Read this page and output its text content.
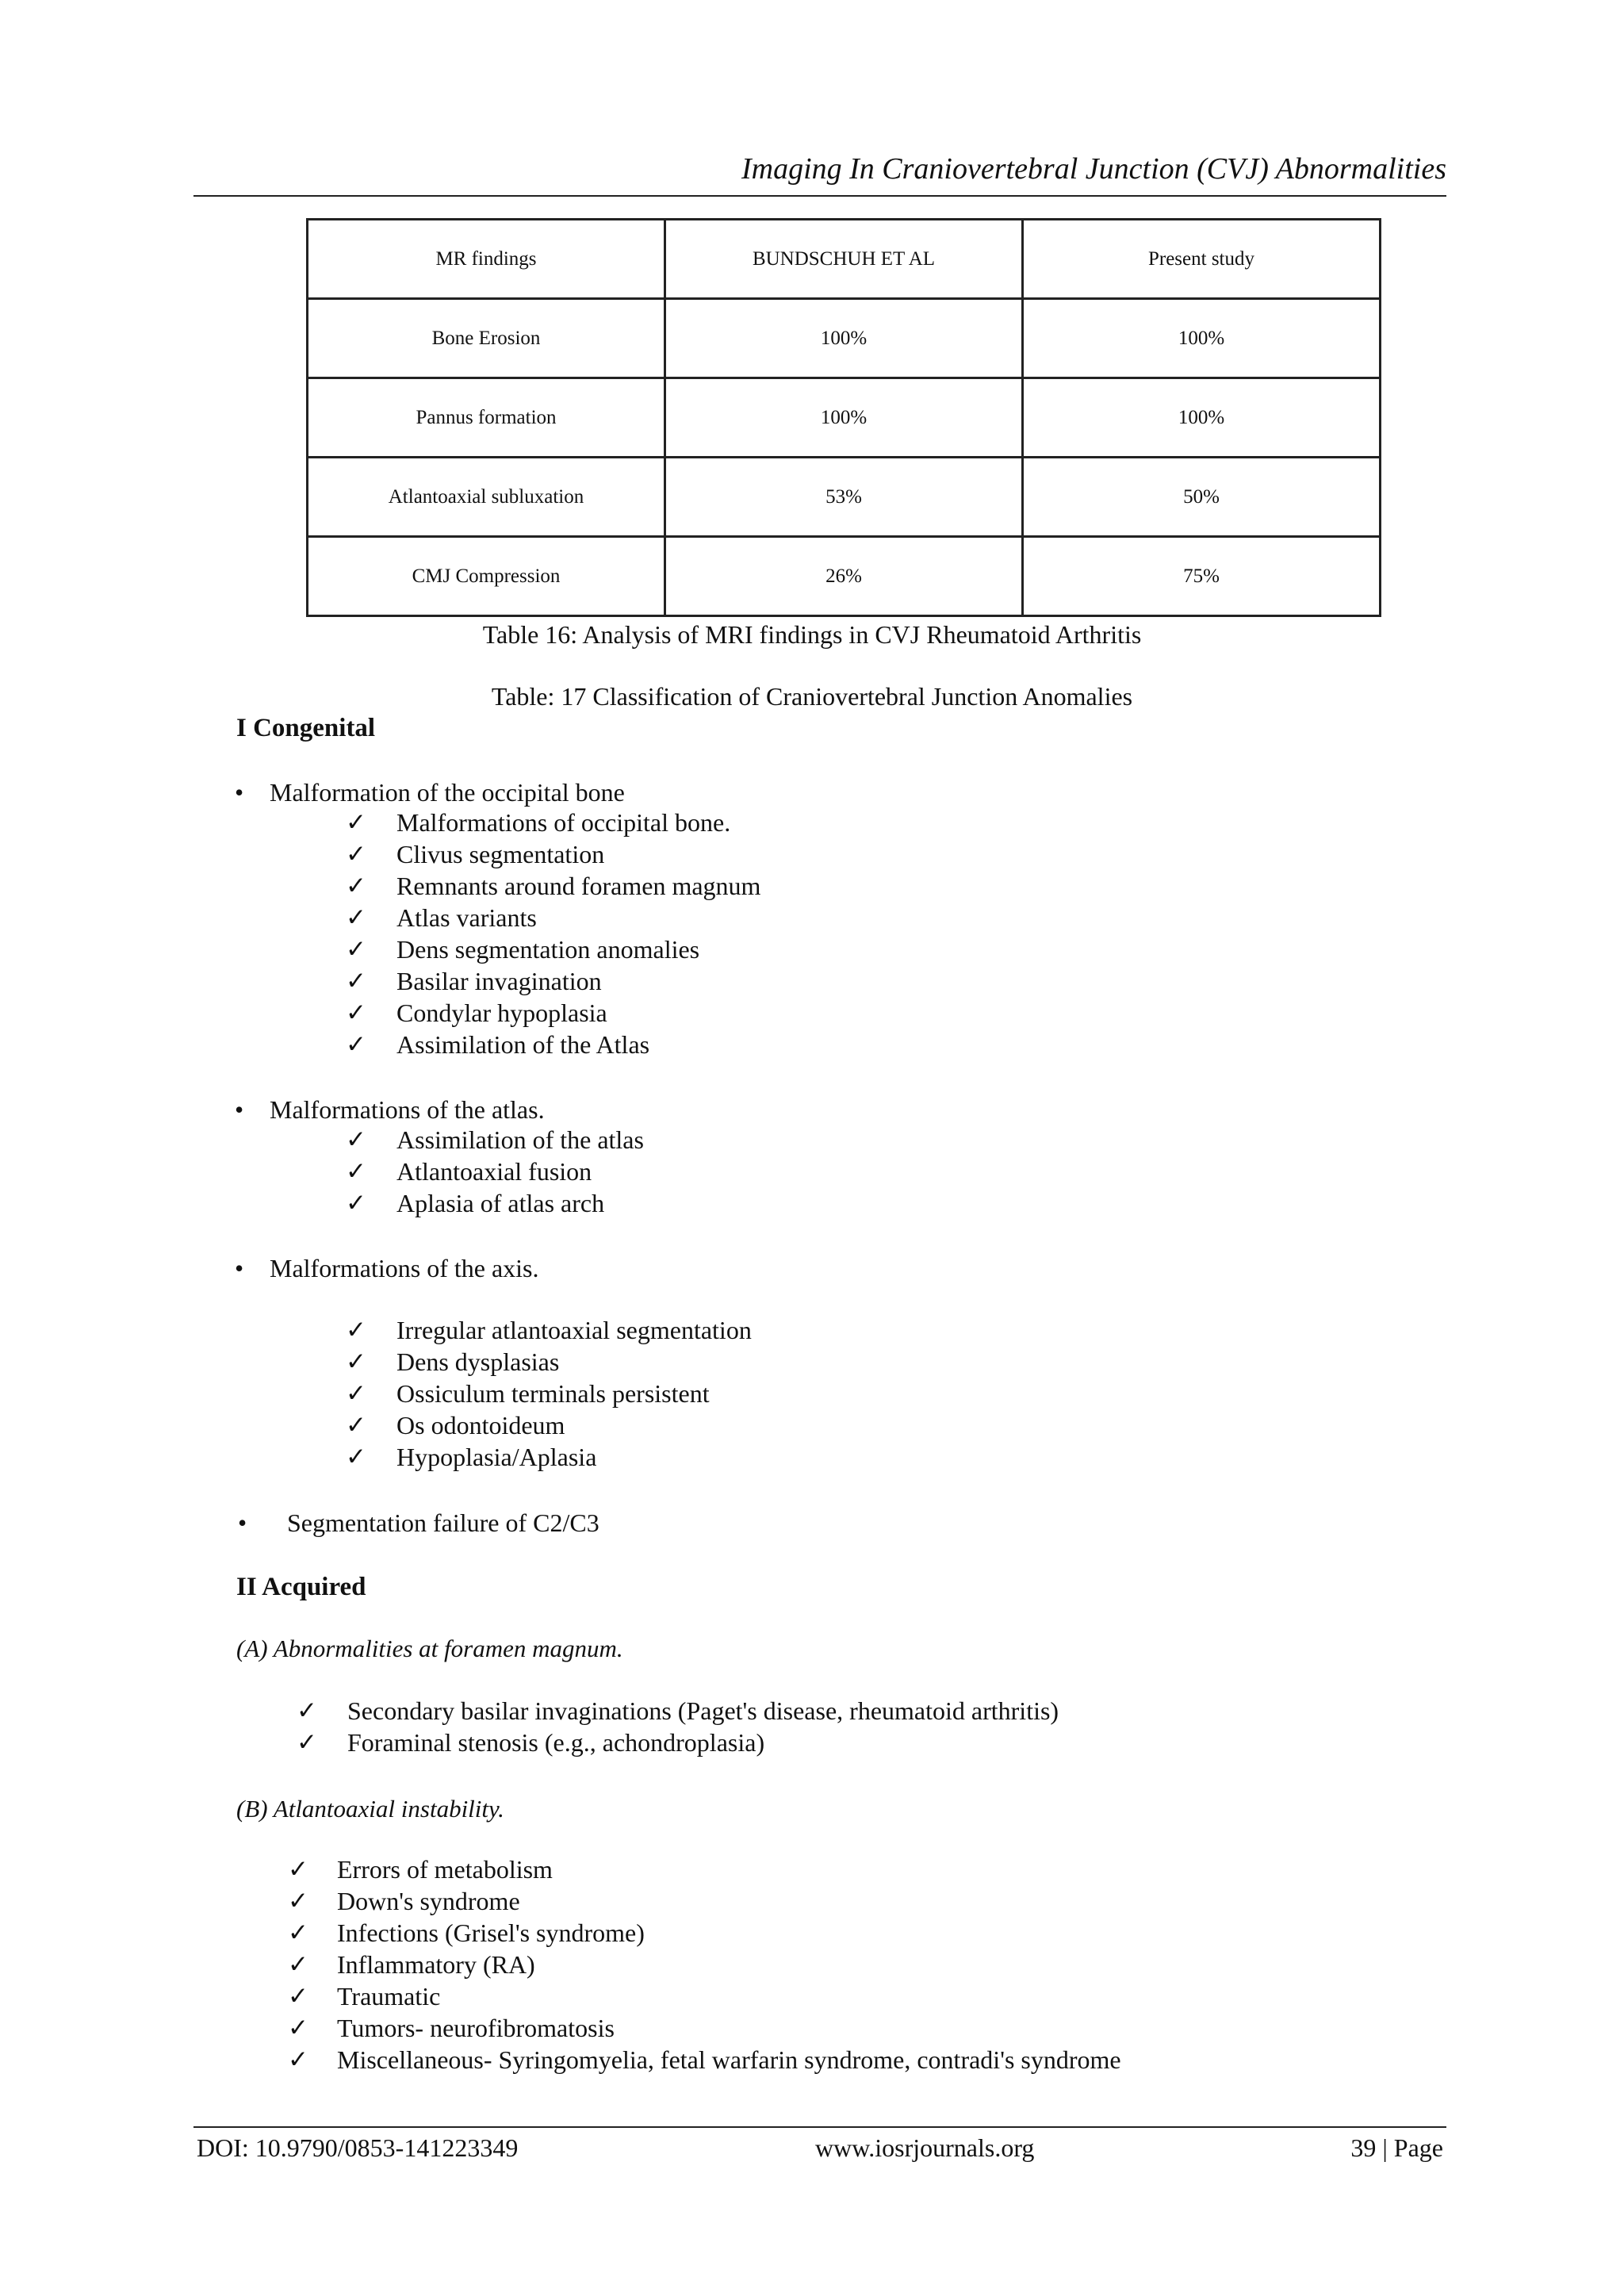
Imaging In Craniovertebral Junction (CVJ) Abnormalities
MR findings	BUNDSCHUH ET AL	Present study
Bone Erosion	100%	100%
Pannus formation	100%	100%
Atlantoaxial subluxation	53%	50%
CMJ Compression	26%	75%
Table 16: Analysis of MRI findings in CVJ Rheumatoid Arthritis
Table: 17 Classification of Craniovertebral Junction Anomalies
I Congenital
• Malformation of the occipital bone
✓ Malformations of occipital bone.
✓ Clivus segmentation
✓ Remnants around foramen magnum
✓ Atlas variants
✓ Dens segmentation anomalies
✓ Basilar invagination
✓ Condylar hypoplasia
✓ Assimilation of the Atlas
• Malformations of the atlas.
✓ Assimilation of the atlas
✓ Atlantoaxial fusion
✓ Aplasia of atlas arch
• Malformations of the axis.
✓ Irregular atlantoaxial segmentation
✓ Dens dysplasias
✓ Ossiculum terminals persistent
✓ Os odontoideum
✓ Hypoplasia/Aplasia
• Segmentation failure of C2/C3
II Acquired
(A) Abnormalities at foramen magnum.
✓ Secondary basilar invaginations (Paget's disease, rheumatoid arthritis)
✓ Foraminal stenosis (e.g., achondroplasia)
(B) Atlantoaxial instability.
✓ Errors of metabolism
✓ Down's syndrome
✓ Infections (Grisel's syndrome)
✓ Inflammatory (RA)
✓ Traumatic
✓ Tumors- neurofibromatosis
✓ Miscellaneous- Syringomyelia, fetal warfarin syndrome, contradi's syndrome
DOI: 10.9790/0853-141223349	www.iosrjournals.org	39 | Page
